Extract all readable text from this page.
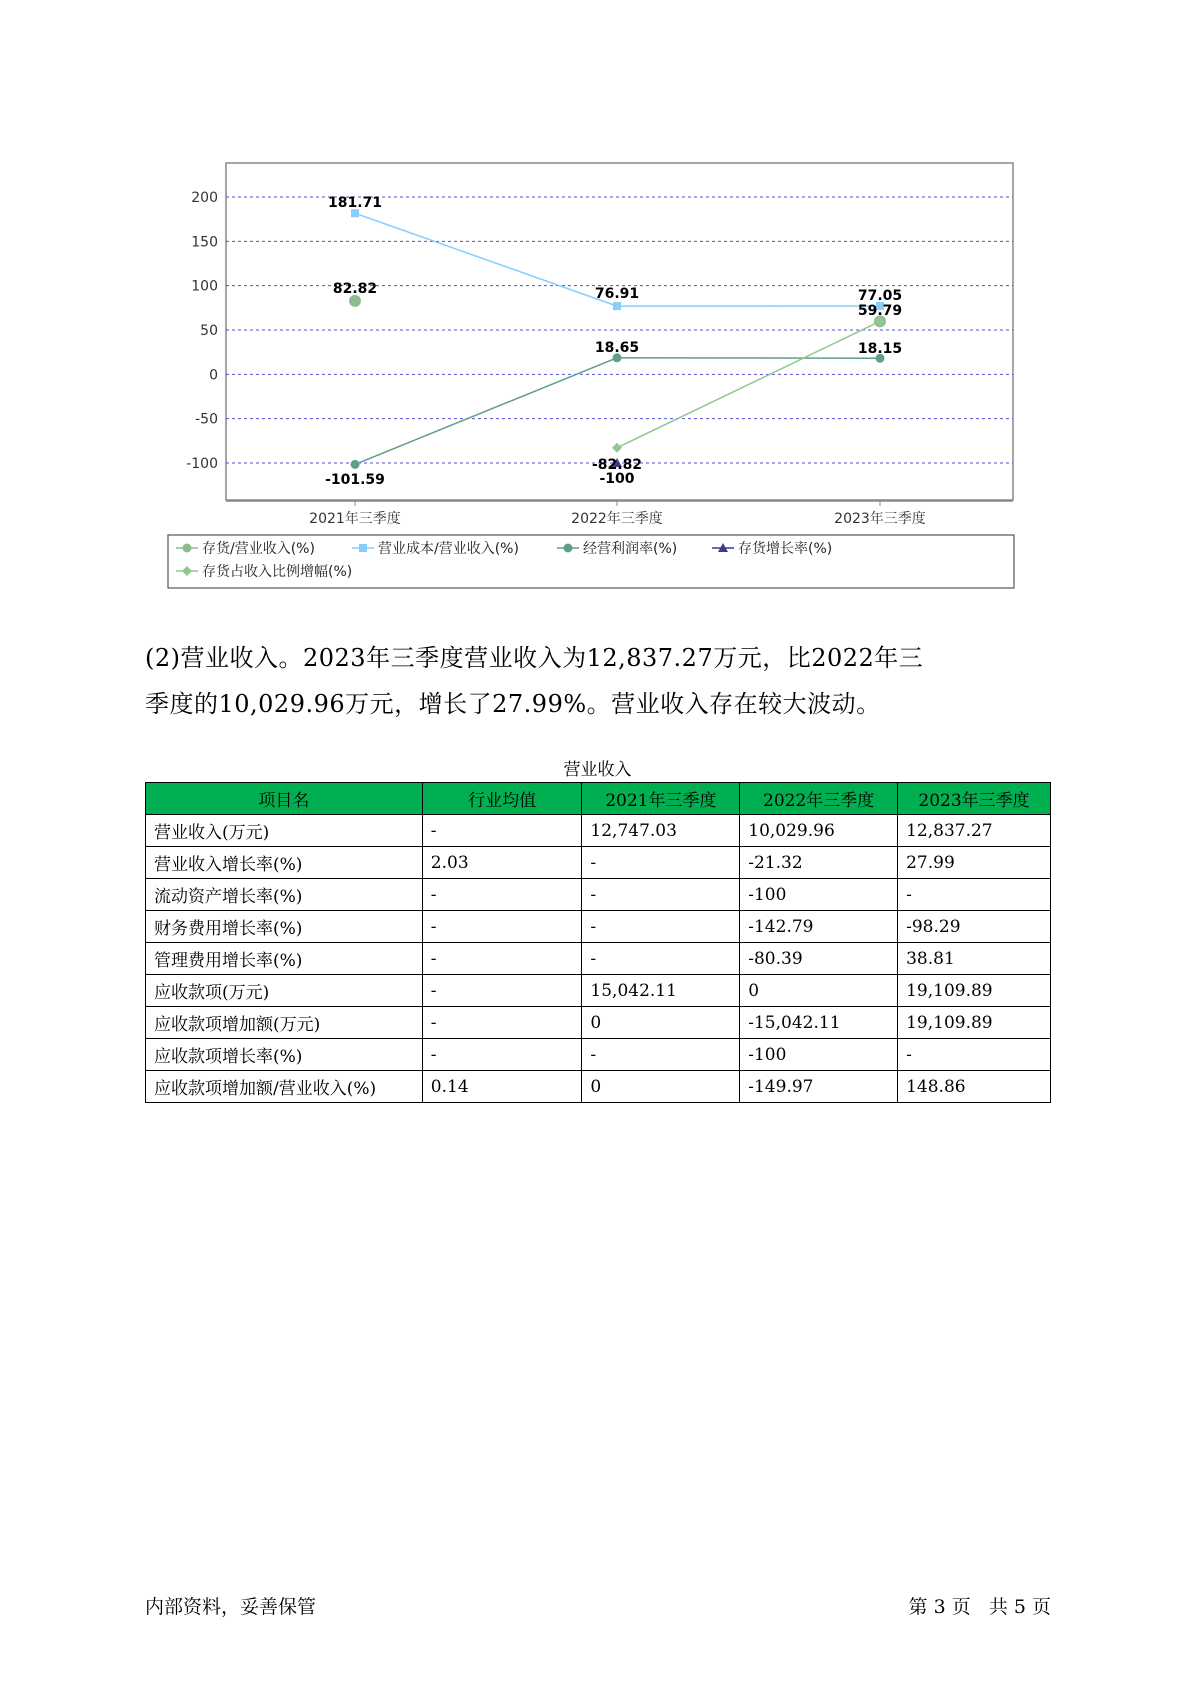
200
150
100
50
0
-50
-100
2021年三季度	2022年三季度	2023年三季度
82.82
59.79
181.71
76.91	77.05
-101.59
18.65	18.15
-100
-82.82
存货/营业收入(%)	营业成本/营业收入(%)	经营利润率(%)	存货增长率(%)
存货占收入比例增幅(%)

(2)营业收入。2023年三季度营业收入为12,837.27万元，比2022年三

季度的10,029.96万元，增长了27.99%。营业收入存在较大波动。

营业收入
项目名	行业均值	2021年三季度	2022年三季度	2023年三季度
营业收入(万元)	-	12,747.03	10,029.96	12,837.27
营业收入增长率(%)	2.03	-	-21.32	27.99
流动资产增长率(%)	-	-	-100	-
财务费用增长率(%)	-	-	-142.79	-98.29
管理费用增长率(%)	-	-	-80.39	38.81
应收款项(万元)	-	15,042.11	0	19,109.89
应收款项增加额(万元)	-	0	-15,042.11	19,109.89
应收款项增长率(%)	-	-	-100	-
应收款项增加额/营业收入(%)	0.14	0	-149.97	148.86
内部资料，妥善保管	第 3 页   共 5 页
